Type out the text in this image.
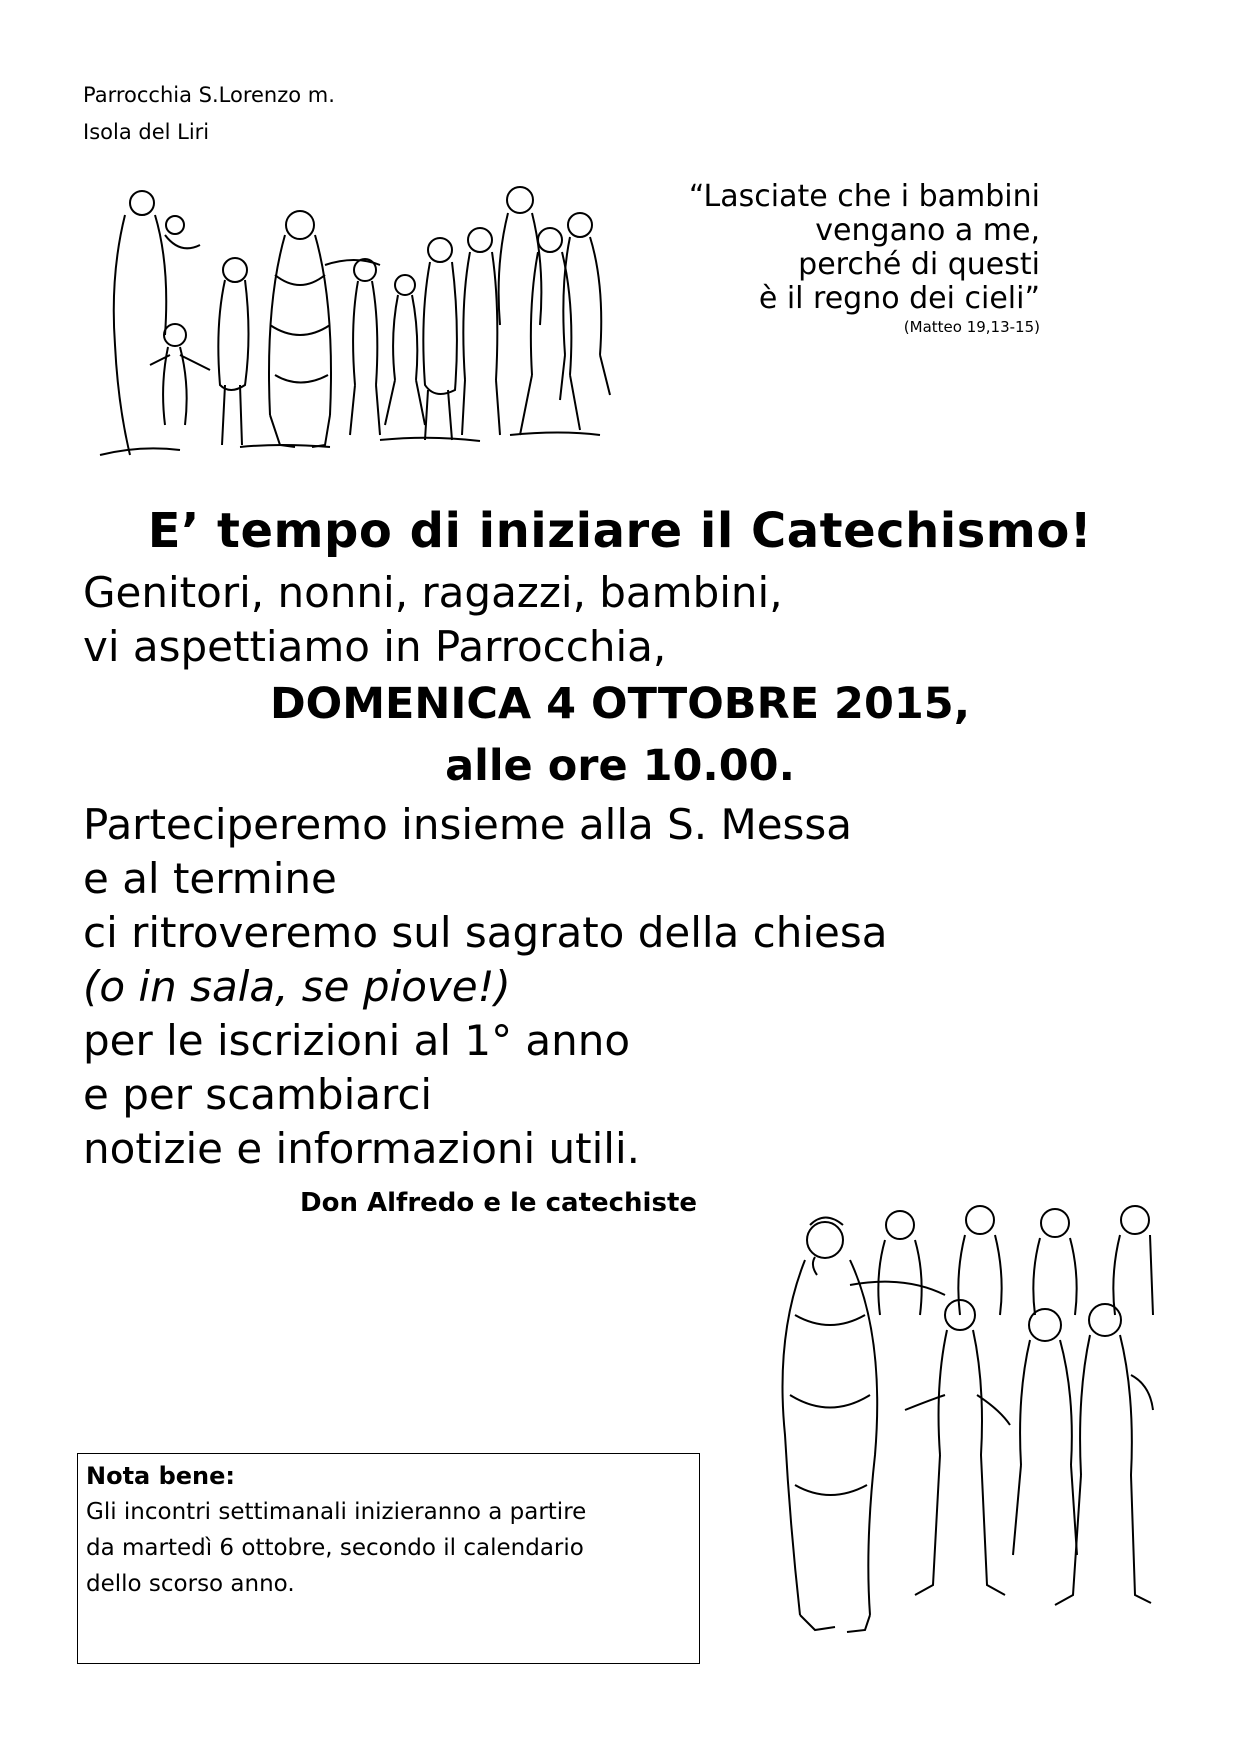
Parrocchia S.Lorenzo m.
Isola del Liri
“Lasciate che i bambini
vengano a me,
perché di questi
è il regno dei cieli”
(Matteo 19,13-15)
E’ tempo di iniziare il Catechismo!
Genitori, nonni, ragazzi, bambini,
vi aspettiamo in Parrocchia,
DOMENICA 4 OTTOBRE 2015,
alle ore 10.00.
Parteciperemo insieme alla S. Messa
e al termine
ci ritroveremo sul sagrato della chiesa
(o in sala, se piove!)
per le iscrizioni al 1° anno
e per scambiarci
notizie e informazioni utili.
Don Alfredo e le catechiste
Nota bene:
Gli incontri settimanali inizieranno a partire
da martedì 6 ottobre, secondo il calendario
dello scorso anno.
